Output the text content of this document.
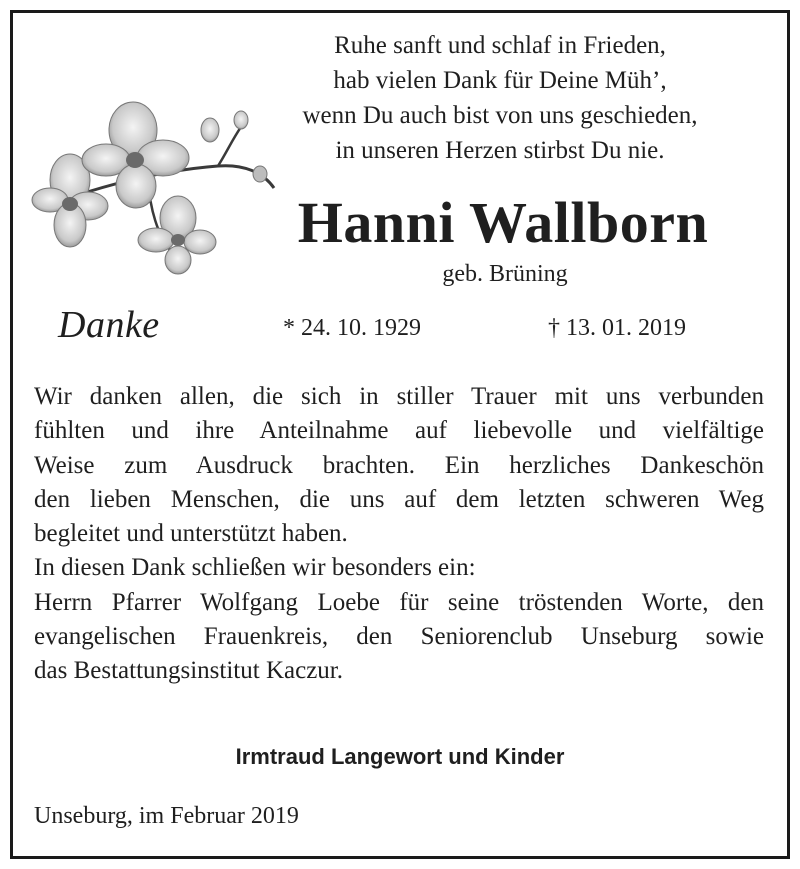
Ruhe sanft und schlaf in Frieden,
hab vielen Dank für Deine Müh’,
wenn Du auch bist von uns geschieden,
in unseren Herzen stirbst Du nie.
Hanni Wallborn
geb. Brüning
Danke	* 24. 10. 1929	† 13. 01. 2019
Wir danken allen, die sich in stiller Trauer mit uns verbunden
fühlten und ihre Anteilnahme auf liebevolle und vielfältige
Weise zum Ausdruck brachten. Ein herzliches Dankeschön
den lieben Menschen, die uns auf dem letzten schweren Weg
begleitet und unterstützt haben.
In diesen Dank schließen wir besonders ein:
Herrn Pfarrer Wolfgang Loebe für seine tröstenden Worte, den
evangelischen Frauenkreis, den Seniorenclub Unseburg sowie
das Bestattungsinstitut Kaczur.
Irmtraud Langewort und Kinder
Unseburg, im Februar 2019
